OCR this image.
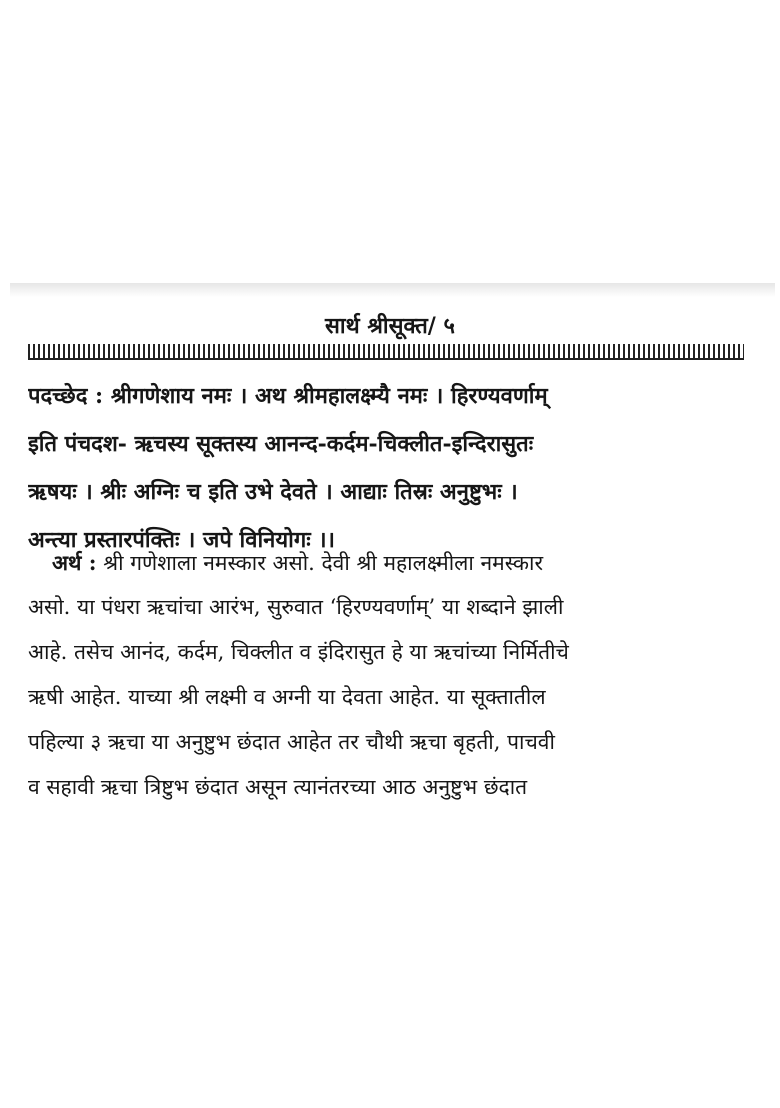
सार्थ श्रीसूक्त/ ५
पदच्छेद : श्रीगणेशाय नमः । अथ श्रीमहालक्ष्म्यै नमः । हिरण्यवर्णाम्
इति पंचदश- ऋचस्य सूक्तस्य आनन्द-कर्दम-चिक्लीत-इन्दिरासुतः
ऋषयः । श्रीः अग्निः च इति उभे देवते । आद्याः तिस्रः अनुष्टुभः ।
अन्त्या प्रस्तारपंक्तिः । जपे विनियोगः ।।
अर्थ : श्री गणेशाला नमस्कार असो. देवी श्री महालक्ष्मीला नमस्कार
असो. या पंधरा ऋचांचा आरंभ, सुरुवात ‘हिरण्यवर्णाम्’ या शब्दाने झाली
आहे. तसेच आनंद, कर्दम, चिक्लीत व इंदिरासुत हे या ऋचांच्या निर्मितीचे
ऋषी आहेत. याच्या श्री लक्ष्मी व अग्नी या देवता आहेत. या सूक्तातील
पहिल्या ३ ऋचा या अनुष्टुभ छंदात आहेत तर चौथी ऋचा बृहती, पाचवी
व सहावी ऋचा त्रिष्टुभ छंदात असून त्यानंतरच्या आठ अनुष्टुभ छंदात
